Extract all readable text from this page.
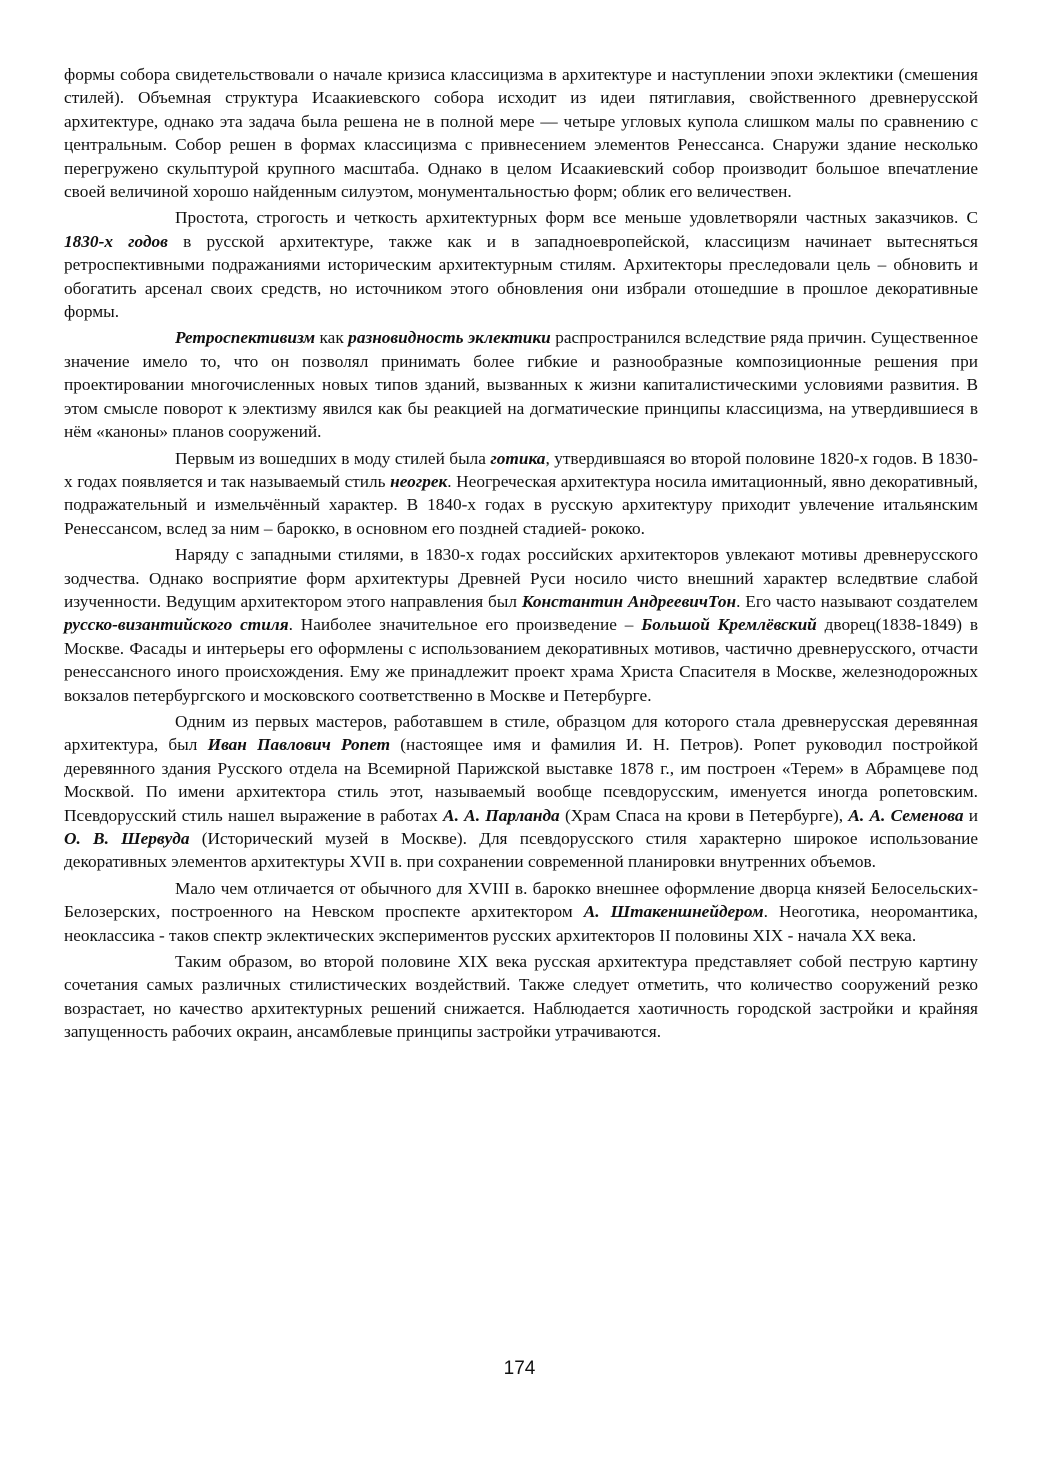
формы собора свидетельствовали о начале кризиса классицизма в архитектуре и наступлении эпохи эклектики (смешения стилей). Объемная структура Исаакиевского собора исходит из идеи пятиглавия, свойственного древнерусской архитектуре, однако эта задача была решена не в полной мере — четыре угловых купола слишком малы по сравнению с центральным. Собор решен в формах классицизма с привнесением элементов Ренессанса. Снаружи здание несколько перегружено скульптурой крупного масштаба. Однако в целом Исаакиевский собор производит большое впечатление своей величиной хорошо найденным силуэтом, монументальностью форм; облик его величествен.

Простота, строгость и четкость архитектурных форм все меньше удовлетворяли частных заказчиков. С 1830-х годов в русской архитектуре, также как и в западноевропейской, классицизм начинает вытесняться ретроспективными подражаниями историческим архитектурным стилям. Архитекторы преследовали цель – обновить и обогатить арсенал своих средств, но источником этого обновления они избрали отошедшие в прошлое декоративные формы.

Ретроспективизм как разновидность эклектики распространился вследствие ряда причин. Существенное значение имело то, что он позволял принимать более гибкие и разнообразные композиционные решения при проектировании многочисленных новых типов зданий, вызванных к жизни капиталистическими условиями развития. В этом смысле поворот к электизму явился как бы реакцией на догматические принципы классицизма, на утвердившиеся в нём «каноны» планов сооружений.

Первым из вошедших в моду стилей была готика, утвердившаяся во второй половине 1820-х годов. В 1830-х годах появляется и так называемый стиль неогрек. Неогреческая архитектура носила имитационный, явно декоративный, подражательный и измельчённый характер. В 1840-х годах в русскую архитектуру приходит увлечение итальянским Ренессансом, вслед за ним – барокко, в основном его поздней стадией- рококо.

Наряду с западными стилями, в 1830-х годах российских архитекторов увлекают мотивы древнерусского зодчества. Однако восприятие форм архитектуры Древней Руси носило чисто внешний характер вследвтвие слабой изученности. Ведущим архитектором этого направления был Константин АндреевичТон. Его часто называют создателем русско-византийского стиля. Наиболее значительное его произведение – Большой Кремлёвский дворец(1838-1849) в Москве. Фасады и интерьеры его оформлены с использованием декоративных мотивов, частично древнерусского, отчасти ренессансного иного происхождения. Ему же принадлежит проект храма Христа Спасителя в Москве, железнодорожных вокзалов петербургского и московского соответственно в Москве и Петербурге.

Одним из первых мастеров, работавшем в стиле, образцом для которого стала древнерусская деревянная архитектура, был Иван Павлович Ропет (настоящее имя и фамилия И. Н. Петров). Ропет руководил постройкой деревянного здания Русского отдела на Всемирной Парижской выставке 1878 г., им построен «Терем» в Абрамцеве под Москвой. По имени архитектора стиль этот, называемый вообще псевдорусским, именуется иногда ропетовским. Псевдорусский стиль нашел выражение в работах А. А. Парланда (Храм Спаса на крови в Петербурге), А. А. Семенова и О. В. Шервуда (Исторический музей в Москве). Для псевдорусского стиля характерно широкое использование декоративных элементов архитектуры XVII в. при сохранении современной планировки внутренних объемов.

Мало чем отличается от обычного для XVIII в. барокко внешнее оформление дворца князей Белосельских-Белозерских, построенного на Невском проспекте архитектором А. Штакеншнейдером. Неоготика, неоромантика, неоклассика - таков спектр эклектических экспериментов русских архитекторов II половины XIX - начала XX века.

Таким образом, во второй половине XIX века русская архитектура представляет собой пеструю картину сочетания самых различных стилистических воздействий. Также следует отметить, что количество сооружений резко возрастает, но качество архитектурных решений снижается. Наблюдается хаотичность городской застройки и крайняя запущенность рабочих окраин, ансамблевые принципы застройки утрачиваются.

174
